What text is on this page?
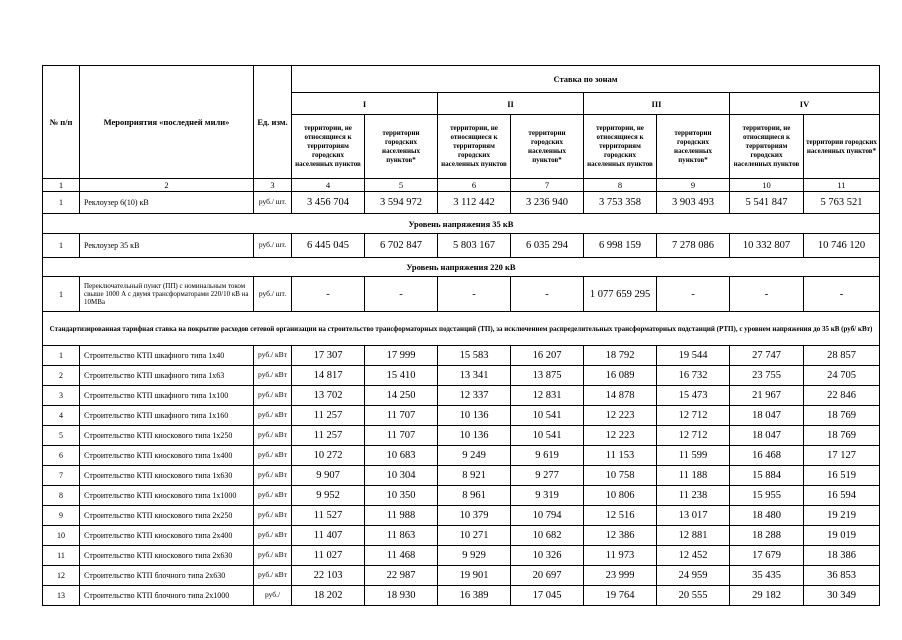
№ п/п	Мероприятия «последней мили»	Ед. изм.	Ставка по зонам							
			I		II		III		IV	
			территории, не относящиеся к территориям городских населенных пунктов	территории городских населенных пунктов*	территории, не относящиеся к территориям городских населенных пунктов	территории городских населенных пунктов*	территории, не относящиеся к территориям городских населенных пунктов	территории городских населенных пунктов*	территории, не относящиеся к территориям городских населенных пунктов	территории городских населенных пунктов*
1	2	3	4	5	6	7	8	9	10	11
1	Реклоузер 6(10) кВ	руб./ шт.	3 456 704	3 594 972	3 112 442	3 236 940	3 753 358	3 903 493	5 541 847	5 763 521
Уровень напряжения 35 кВ										
1	Реклоузер 35 кВ	руб./ шт.	6 445 045	6 702 847	5 803 167	6 035 294	6 998 159	7 278 086	10 332 807	10 746 120
Уровень напряжения 220 кВ										
1	Переключательный пункт (ПП) с номинальным током свыше 1000 А с двумя трансформаторами 220/10 кВ на 10МВа	руб./ шт.	-	-	-	-	1 077 659 295	-	-	-
Стандартизированная тарифная ставка на покрытие расходов сетевой организации на строительство трансформаторных подстанций (ТП), за исключением распределительных трансформаторных подстанций (РТП), с уровнем напряжения до 35 кВ (руб/ кВт)										
1	Строительство КТП шкафного типа 1х40	руб./ кВт	17 307	17 999	15 583	16 207	18 792	19 544	27 747	28 857
2	Строительство КТП шкафного типа 1х63	руб./ кВт	14 817	15 410	13 341	13 875	16 089	16 732	23 755	24 705
3	Строительство КТП шкафного типа 1х100	руб./ кВт	13 702	14 250	12 337	12 831	14 878	15 473	21 967	22 846
4	Строительство КТП шкафного типа 1х160	руб./ кВт	11 257	11 707	10 136	10 541	12 223	12 712	18 047	18 769
5	Строительство КТП киоскового типа 1х250	руб./ кВт	11 257	11 707	10 136	10 541	12 223	12 712	18 047	18 769
6	Строительство КТП киоскового типа 1х400	руб./ кВт	10 272	10 683	9 249	9 619	11 153	11 599	16 468	17 127
7	Строительство КТП киоскового типа 1х630	руб./ кВт	9 907	10 304	8 921	9 277	10 758	11 188	15 884	16 519
8	Строительство КТП киоскового типа 1х1000	руб./ кВт	9 952	10 350	8 961	9 319	10 806	11 238	15 955	16 594
9	Строительство КТП киоскового типа 2х250	руб./ кВт	11 527	11 988	10 379	10 794	12 516	13 017	18 480	19 219
10	Строительство КТП киоскового типа 2х400	руб./ кВт	11 407	11 863	10 271	10 682	12 386	12 881	18 288	19 019
11	Строительство КТП киоскового типа 2х630	руб./ кВт	11 027	11 468	9 929	10 326	11 973	12 452	17 679	18 386
12	Строительство КТП блочного типа 2х630	руб./ кВт	22 103	22 987	19 901	20 697	23 999	24 959	35 435	36 853
13	Строительство КТП блочного типа 2х1000	руб./	18 202	18 930	16 389	17 045	19 764	20 555	29 182	30 349
